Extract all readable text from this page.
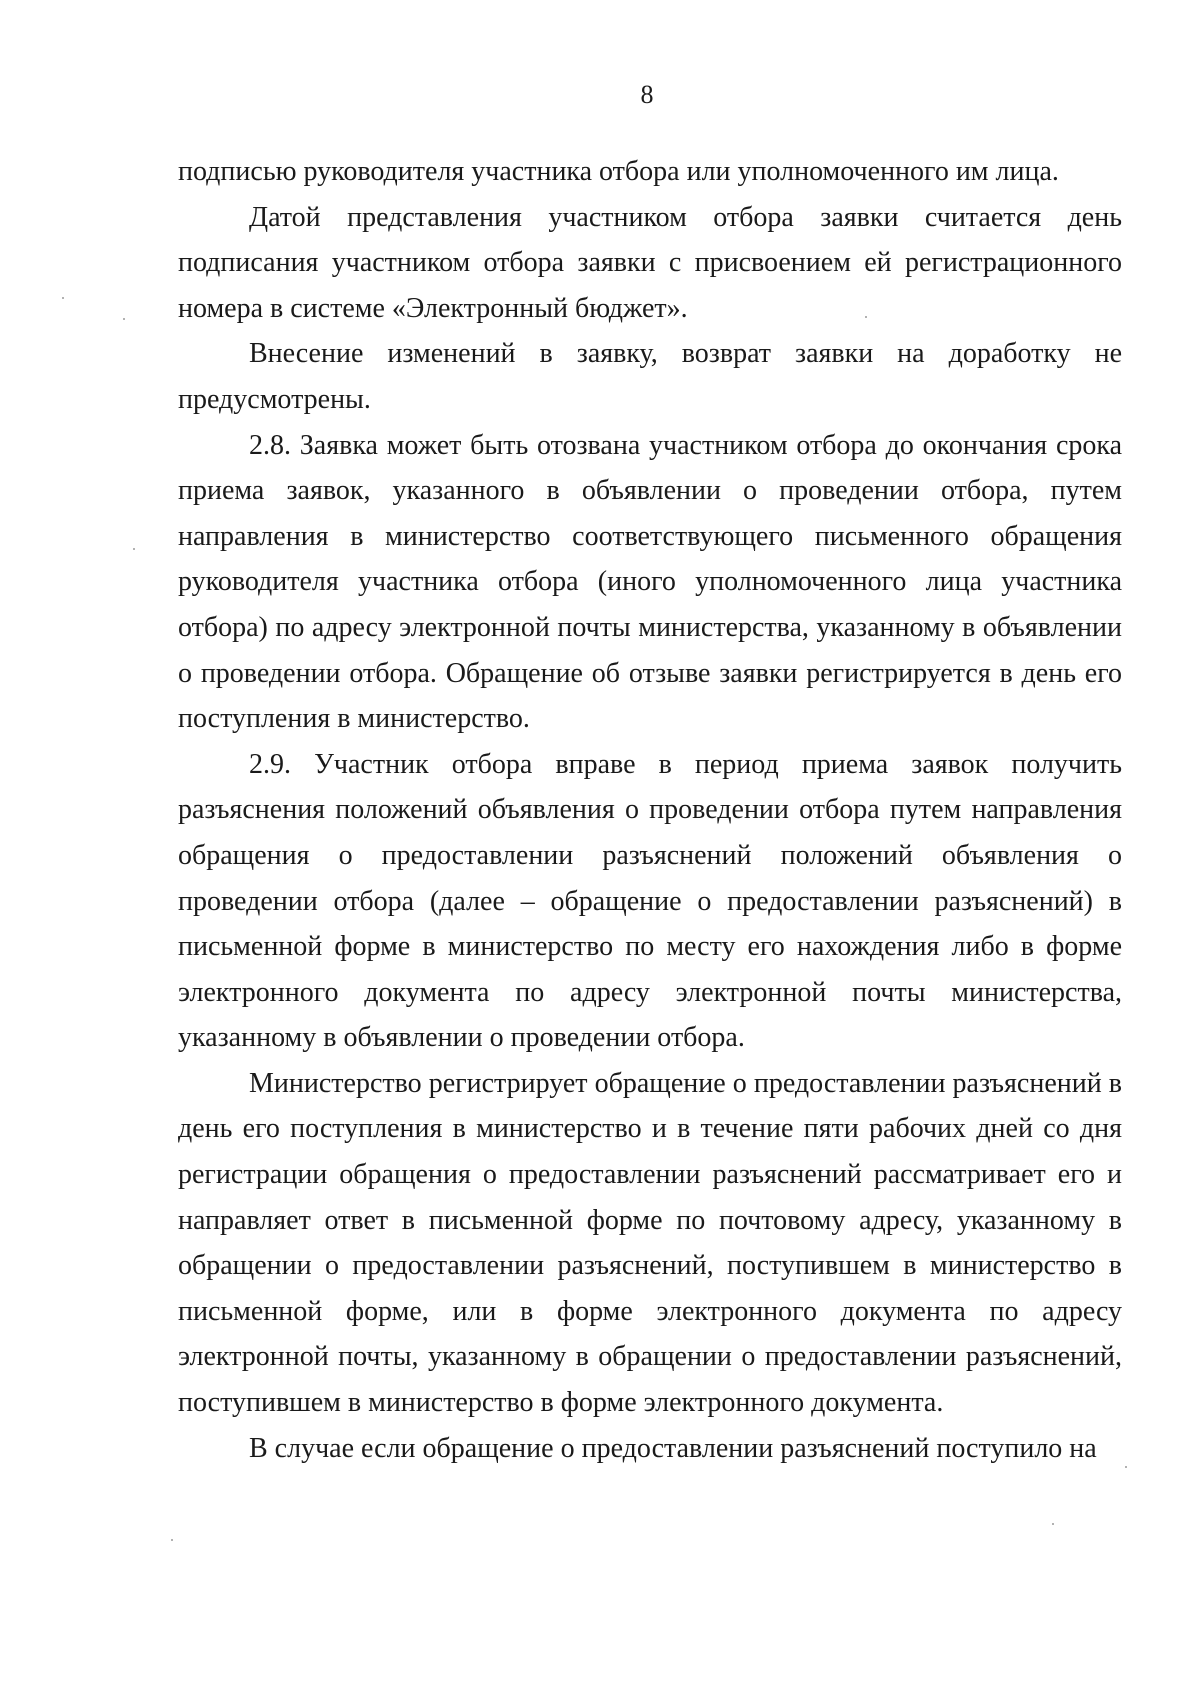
8

подписью руководителя участника отбора или уполномоченного им лица.

Датой представления участником отбора заявки считается день подписания участником отбора заявки с присвоением ей регистрационного номера в системе «Электронный бюджет».

Внесение изменений в заявку, возврат заявки на доработку не предусмотрены.

2.8. Заявка может быть отозвана участником отбора до окончания срока приема заявок, указанного в объявлении о проведении отбора, путем направления в министерство соответствующего письменного обращения руководителя участника отбора (иного уполномоченного лица участника отбора) по адресу электронной почты министерства, указанному в объявлении о проведении отбора. Обращение об отзыве заявки регистрируется в день его поступления в министерство.

2.9. Участник отбора вправе в период приема заявок получить разъяснения положений объявления о проведении отбора путем направления обращения о предоставлении разъяснений положений объявления о проведении отбора (далее – обращение о предоставлении разъяснений) в письменной форме в министерство по месту его нахождения либо в форме электронного документа по адресу электронной почты министерства, указанному в объявлении о проведении отбора.

Министерство регистрирует обращение о предоставлении разъяснений в день его поступления в министерство и в течение пяти рабочих дней со дня регистрации обращения о предоставлении разъяснений рассматривает его и направляет ответ в письменной форме по почтовому адресу, указанному в обращении о предоставлении разъяснений, поступившем в министерство в письменной форме, или в форме электронного документа по адресу электронной почты, указанному в обращении о предоставлении разъяснений, поступившем в министерство в форме электронного документа.

В случае если обращение о предоставлении разъяснений поступило на
